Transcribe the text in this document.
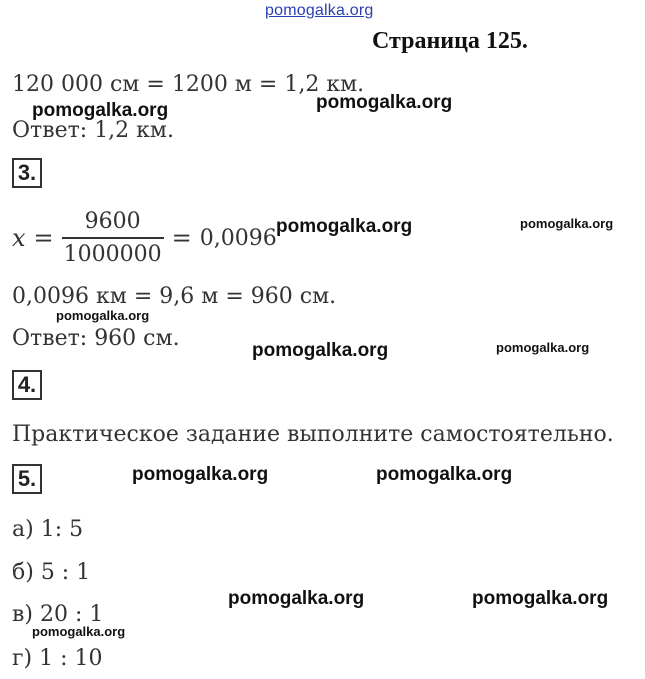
pomogalka.org
Страница 125.
120 000 см = 1200 м = 1,2 км.
Ответ: 1,2 км.
3.
$x = \frac{9600}{1000000} = 0,0096$
0,0096 км = 9,6 м = 960 см.
Ответ: 960 см.
4.
Практическое задание выполните самостоятельно.
5.
а) 1: 5
б) 5 : 1
в) 20 : 1
г) 1 : 10
pomogalka.org	pomogalka.org
pomogalka.org	pomogalka.org
pomogalka.org
pomogalka.org	pomogalka.org
pomogalka.org	pomogalka.org
pomogalka.org	pomogalka.org
pomogalka.org
